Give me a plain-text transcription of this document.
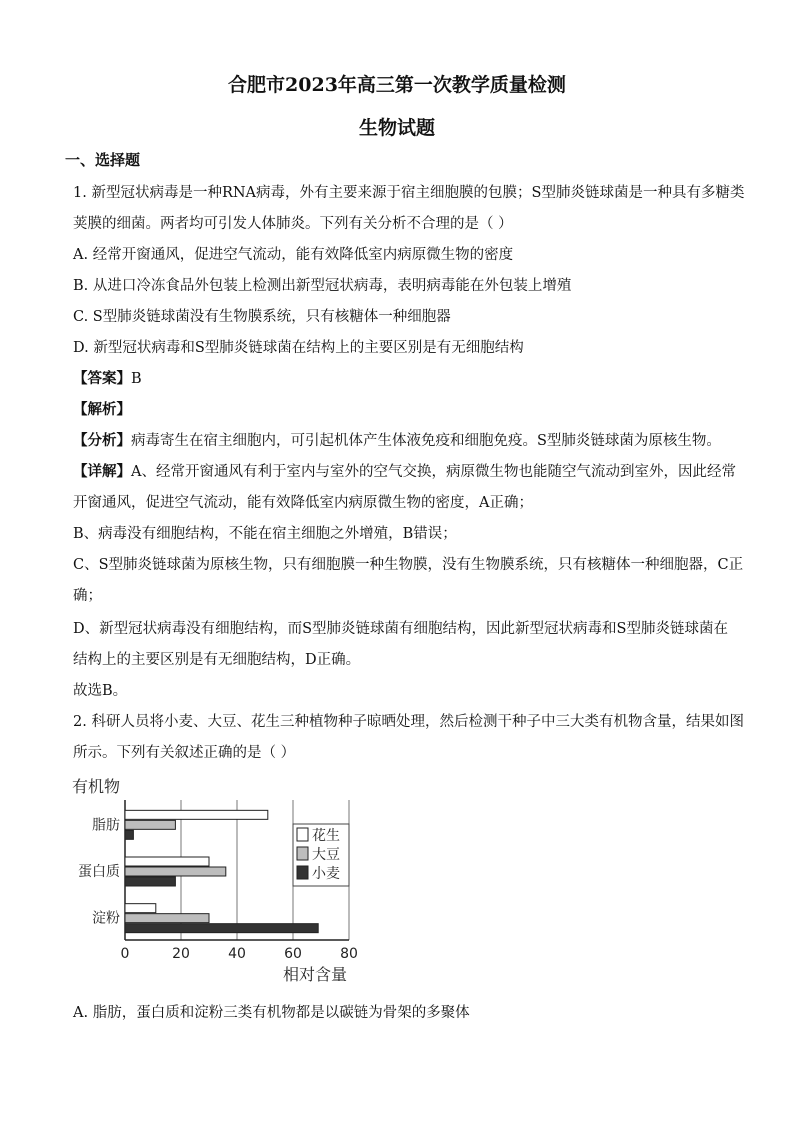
合肥市2023年高三第一次教学质量检测
生物试题
一、选择题
1. 新型冠状病毒是一种RNA病毒，外有主要来源于宿主细胞膜的包膜；S型肺炎链球菌是一种具有多糖类
荚膜的细菌。两者均可引发人体肺炎。下列有关分析不合理的是（ ）
A. 经常开窗通风，促进空气流动，能有效降低室内病原微生物的密度
B. 从进口冷冻食品外包装上检测出新型冠状病毒，表明病毒能在外包装上增殖
C. S型肺炎链球菌没有生物膜系统，只有核糖体一种细胞器
D. 新型冠状病毒和S型肺炎链球菌在结构上的主要区别是有无细胞结构
【答案】B
【解析】
【分析】病毒寄生在宿主细胞内，可引起机体产生体液免疫和细胞免疫。S型肺炎链球菌为原核生物。
【详解】A、经常开窗通风有利于室内与室外的空气交换，病原微生物也能随空气流动到室外，因此经常
开窗通风，促进空气流动，能有效降低室内病原微生物的密度，A正确；
B、病毒没有细胞结构，不能在宿主细胞之外增殖，B错误；
C、S型肺炎链球菌为原核生物，只有细胞膜一种生物膜，没有生物膜系统，只有核糖体一种细胞器，C正
确；
D、新型冠状病毒没有细胞结构，而S型肺炎链球菌有细胞结构，因此新型冠状病毒和S型肺炎链球菌在
结构上的主要区别是有无细胞结构，D正确。
故选B。
2. 科研人员将小麦、大豆、花生三种植物种子晾晒处理，然后检测干种子中三大类有机物含量，结果如图
所示。下列有关叙述正确的是（ ）
有机物
相对含量
0	20	40	60	80
脂肪
蛋白质
淀粉
花生
大豆
小麦
A. 脂肪，蛋白质和淀粉三类有机物都是以碳链为骨架的多聚体
